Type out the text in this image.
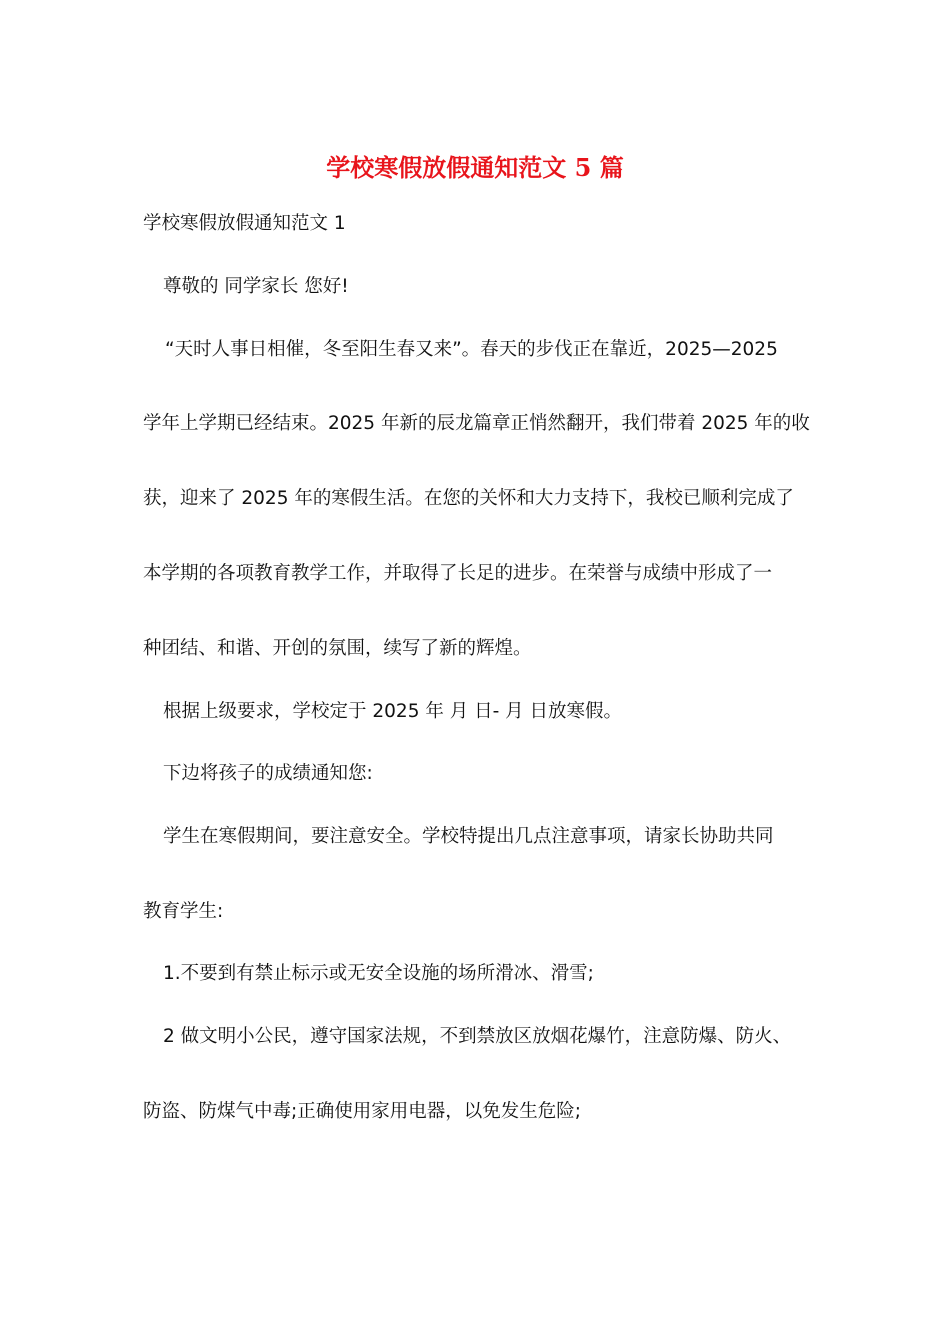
学校寒假放假通知范文 5 篇
学校寒假放假通知范文 1
尊敬的 同学家长 您好!
“天时人事日相催，冬至阳生春又来”。春天的步伐正在靠近，2025—2025
学年上学期已经结束。2025 年新的辰龙篇章正悄然翻开，我们带着 2025 年的收
获，迎来了 2025 年的寒假生活。在您的关怀和大力支持下，我校已顺利完成了
本学期的各项教育教学工作，并取得了长足的进步。在荣誉与成绩中形成了一
种团结、和谐、开创的氛围，续写了新的辉煌。
根据上级要求，学校定于 2025 年 月 日- 月 日放寒假。
下边将孩子的成绩通知您:
学生在寒假期间，要注意安全。学校特提出几点注意事项，请家长协助共同
教育学生:
1.不要到有禁止标示或无安全设施的场所滑冰、滑雪;
2 做文明小公民，遵守国家法规，不到禁放区放烟花爆竹，注意防爆、防火、
防盗、防煤气中毒;正确使用家用电器，以免发生危险;
